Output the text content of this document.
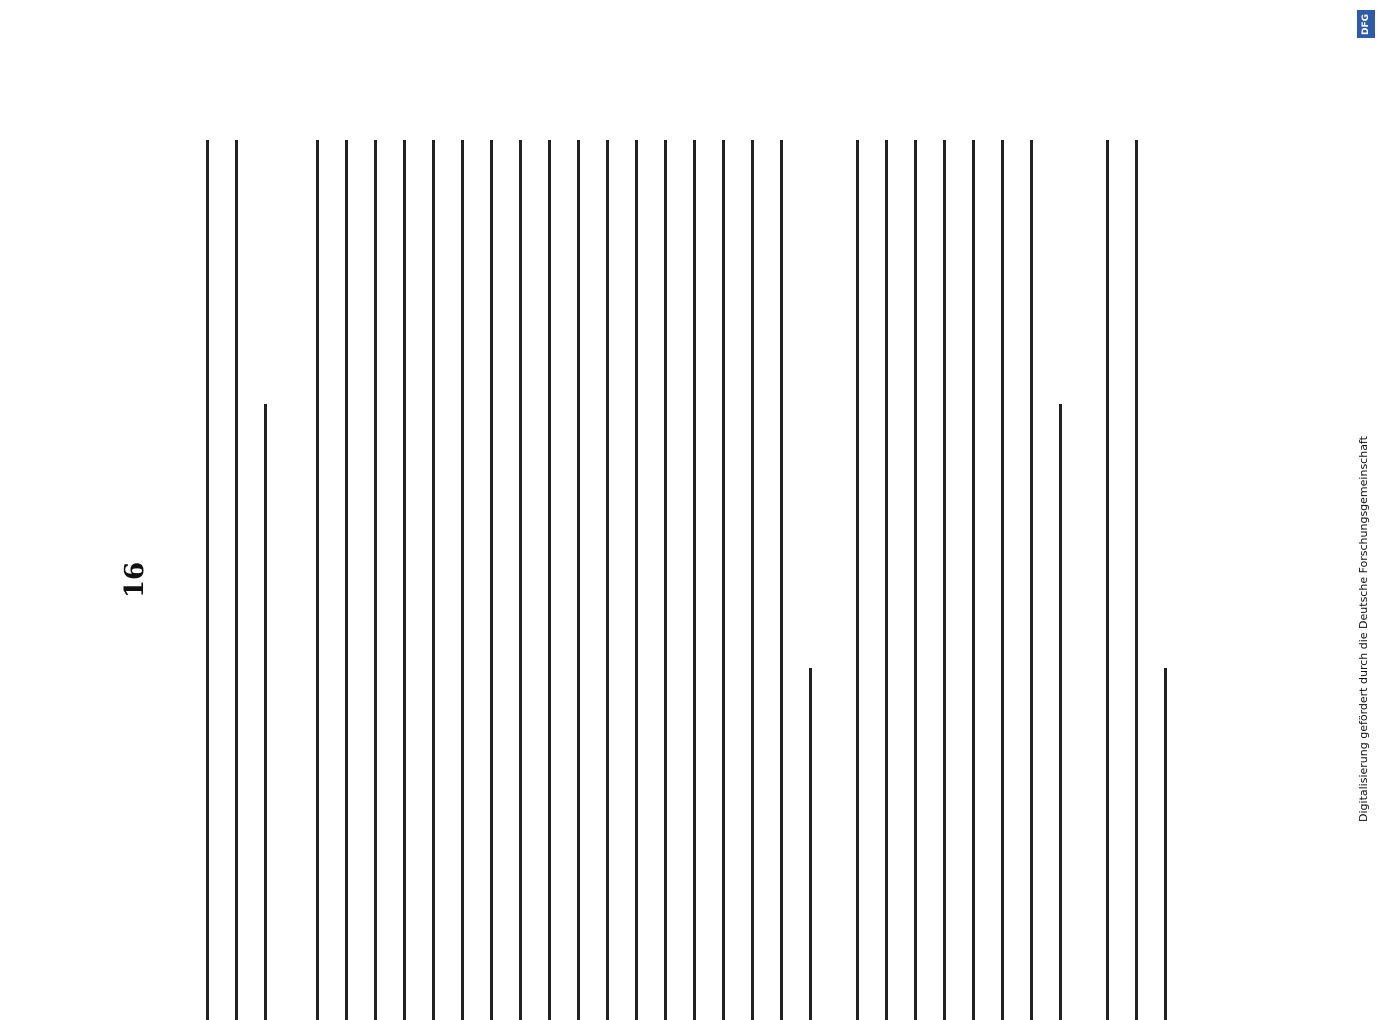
16
DFG
Digitalisierung gefördert durch die Deutsche Forschungsgemeinschaft
